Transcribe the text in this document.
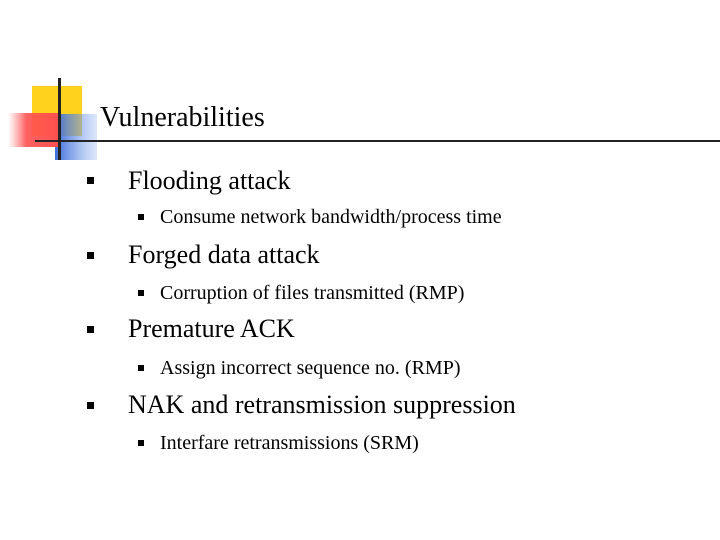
Vulnerabilities
Flooding attack
Consume network bandwidth/process time
Forged data attack
Corruption of files transmitted (RMP)
Premature ACK
Assign incorrect sequence no. (RMP)
NAK and retransmission suppression
Interfare retransmissions (SRM)
